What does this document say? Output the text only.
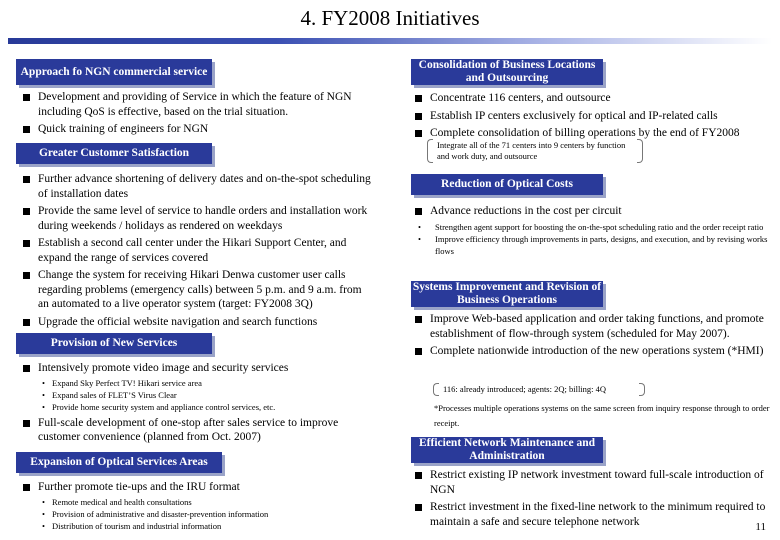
4. FY2008 Initiatives
Approach fo NGN commercial service
Development and providing of Service in which the feature of NGN including QoS is effective, based on the trial situation.
Quick training of engineers for NGN
Greater Customer Satisfaction
Further advance shortening of delivery dates and on-the-spot scheduling of installation dates
Provide the same level of service to handle orders and installation work during weekends / holidays as rendered on weekdays
Establish a second call center under the Hikari Support Center, and expand the range of services covered
Change the system for receiving Hikari Denwa customer user calls regarding problems (emergency calls) between 5 p.m. and 9 a.m. from an automated to a live operator system (target: FY2008 3Q)
Upgrade the official website navigation and search functions
Provision of New Services
Intensively promote video image and security services
• Expand Sky Perfect TV! Hikari service area
• Expand sales of FLET’S Virus Clear
• Provide home security system and appliance control services, etc.
Full-scale development of one-stop after sales service to improve customer convenience (planned from Oct. 2007)
Expansion of Optical Services Areas
Further promote tie-ups and the IRU format
• Remote medical and health consultations
• Provision of administrative and disaster-prevention information
• Distribution of tourism and industrial information
Consolidation of Business Locations and Outsourcing
Concentrate 116 centers, and outsource
Establish IP centers exclusively for optical and IP-related calls
Complete consolidation of billing operations by the end of FY2008
Integrate all of the 71 centers into 9 centers by function and work duty, and outsource
Reduction of Optical Costs
Advance reductions in the cost per circuit
• Strengthen agent support for boosting the on-the-spot scheduling ratio and the order receipt ratio
• Improve efficiency through improvements in parts, designs, and execution, and by revising works flows
Systems Improvement and Revision of Business Operations
Improve Web-based application and order taking functions, and promote establishment of flow-through system (scheduled for May 2007).
Complete nationwide introduction of the new operations system (*HMI)
116: already introduced; agents: 2Q; billing: 4Q
*Processes multiple operations systems on the same screen from inquiry response through to order receipt.
Efficient Network Maintenance and Administration
Restrict existing IP network investment toward full-scale introduction of NGN
Restrict investment in the fixed-line network to the minimum required to maintain a safe and secure telephone network	11
